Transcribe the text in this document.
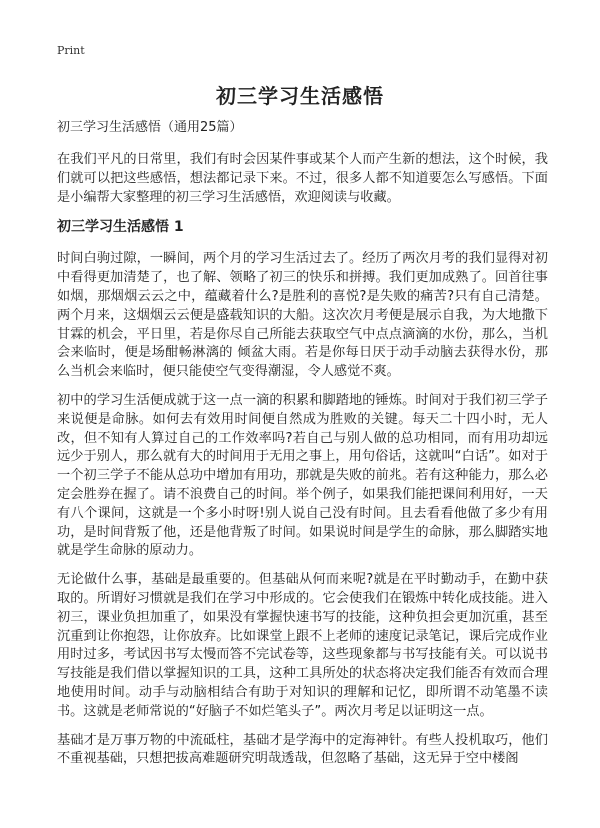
Print
初三学习生活感悟
初三学习生活感悟（通用25篇）

在我们平凡的日常里，我们有时会因某件事或某个人而产生新的想法，这个时候，我们就可以把这些感悟，想法都记录下来。不过，很多人都不知道要怎么写感悟。下面是小编帮大家整理的初三学习生活感悟，欢迎阅读与收藏。

初三学习生活感悟 1

时间白驹过隙，一瞬间，两个月的学习生活过去了。经历了两次月考的我们显得对初中看得更加清楚了，也了解、领略了初三的快乐和拼搏。我们更加成熟了。回首往事如烟，那烟烟云云之中，蕴藏着什么?是胜利的喜悦?是失败的痛苦?只有自己清楚。两个月来，这烟烟云云便是盛载知识的大船。这次次月考便是展示自我，为大地撒下甘霖的机会，平日里，若是你尽自己所能去获取空气中点点滴滴的水份，那么，当机会来临时，便是场酣畅淋漓的 倾盆大雨。若是你每日厌于动手动脑去获得水份，那么当机会来临时，便只能使空气变得潮湿，令人感觉不爽。

初中的学习生活便成就于这一点一滴的积累和脚踏地的锤炼。时间对于我们初三学子来说便是命脉。如何去有效用时间便自然成为胜败的关键。每天二十四小时，无人改，但不知有人算过自己的工作效率吗?若自己与别人做的总功相同，而有用功却远远少于别人，那么就有大的时间用于无用之事上，用句俗话，这就叫“白话”。如对于一个初三学子不能从总功中增加有用功，那就是失败的前兆。若有这种能力，那么必定会胜券在握了。请不浪费自己的时间。举个例子，如果我们能把课间利用好，一天有八个课间，这就是一个多小时呀!别人说自己没有时间。且去看看他做了多少有用功，是时间背叛了他，还是他背叛了时间。如果说时间是学生的命脉，那么脚踏实地就是学生命脉的原动力。

无论做什么事，基础是最重要的。但基础从何而来呢?就是在平时勤动手，在勤中获取的。所谓好习惯就是我们在学习中形成的。它会使我们在锻炼中转化成技能。进入初三，课业负担加重了，如果没有掌握快速书写的技能，这种负担会更加沉重，甚至沉重到让你抱怨，让你放弃。比如课堂上跟不上老师的速度记录笔记，课后完成作业用时过多，考试因书写太慢而答不完试卷等，这些现象都与书写技能有关。可以说书写技能是我们借以掌握知识的工具，这种工具所处的状态将决定我们能否有效而合理地使用时间。动手与动脑相结合有助于对知识的理解和记忆，即所谓不动笔墨不读书。这就是老师常说的“好脑子不如烂笔头子”。两次月考足以证明这一点。

基础才是万事万物的中流砥柱，基础才是学海中的定海神针。有些人投机取巧，他们不重视基础，只想把拔高难题研究明哉透哉，但忽略了基础，这无异于空中楼阁
